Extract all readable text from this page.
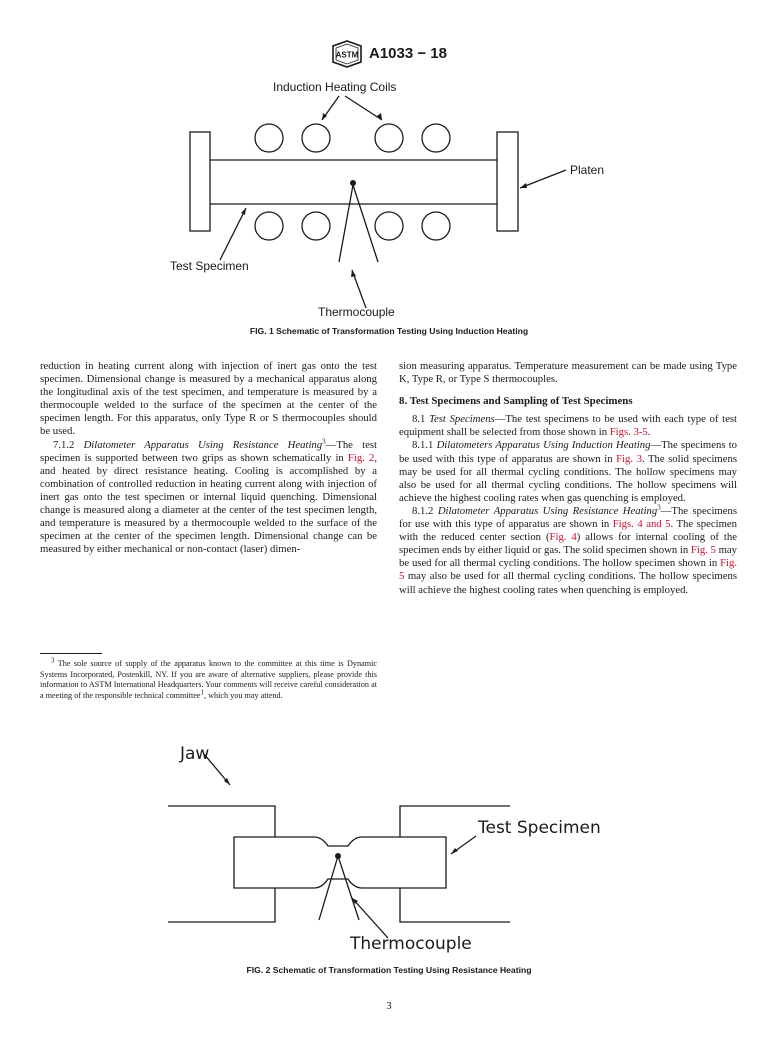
ASTM A1033 − 18
Induction Heating Coils
Platen
Test Specimen
Thermocouple
FIG. 1 Schematic of Transformation Testing Using Induction Heating

reduction in heating current along with injection of inert gas onto the test specimen. Dimensional change is measured by a mechanical apparatus along the longitudinal axis of the test specimen, and temperature is measured by a thermocouple welded to the surface of the specimen at the center of the specimen length. For this apparatus, only Type R or S thermocouples should be used.

7.1.2 Dilatometer Apparatus Using Resistance Heating$^3$—The test specimen is supported between two grips as shown schematically in Fig. 2, and heated by direct resistance heating. Cooling is accomplished by a combination of controlled reduction in heating current along with injection of inert gas onto the test specimen or internal liquid quenching. Dimensional change is measured along a diameter at the center of the test specimen length, and temperature is measured by a thermocouple welded to the surface of the specimen at the center of the specimen length. Dimensional change can be measured by either mechanical or non-contact (laser) dimen-

$^3$ The sole source of supply of the apparatus known to the committee at this time is Dynamic Systems Incorporated, Postenkill, NY. If you are aware of alternative suppliers, please provide this information to ASTM International Headquarters. Your comments will receive careful consideration at a meeting of the responsible technical committee$^1$, which you may attend.

sion measuring apparatus. Temperature measurement can be made using Type K, Type R, or Type S thermocouples.

8. Test Specimens and Sampling of Test Specimens

8.1 Test Specimens—The test specimens to be used with each type of test equipment shall be selected from those shown in Figs. 3-5.

8.1.1 Dilatometers Apparatus Using Induction Heating—The specimens to be used with this type of apparatus are shown in Fig. 3. The solid specimens may be used for all thermal cycling conditions. The hollow specimens may also be used for all thermal cycling conditions. The hollow specimens will achieve the highest cooling rates when gas quenching is employed.

8.1.2 Dilatometer Apparatus Using Resistance Heating$^3$—The specimens for use with this type of apparatus are shown in Figs. 4 and 5. The specimen with the reduced center section (Fig. 4) allows for internal cooling of the specimen ends by either liquid or gas. The solid specimen shown in Fig. 5 may be used for all thermal cycling conditions. The hollow specimen shown in Fig. 5 may also be used for all thermal cycling conditions. The hollow specimens will achieve the highest cooling rates when quenching is employed.

Jaw
Test Specimen
Thermocouple
FIG. 2 Schematic of Transformation Testing Using Resistance Heating
3
